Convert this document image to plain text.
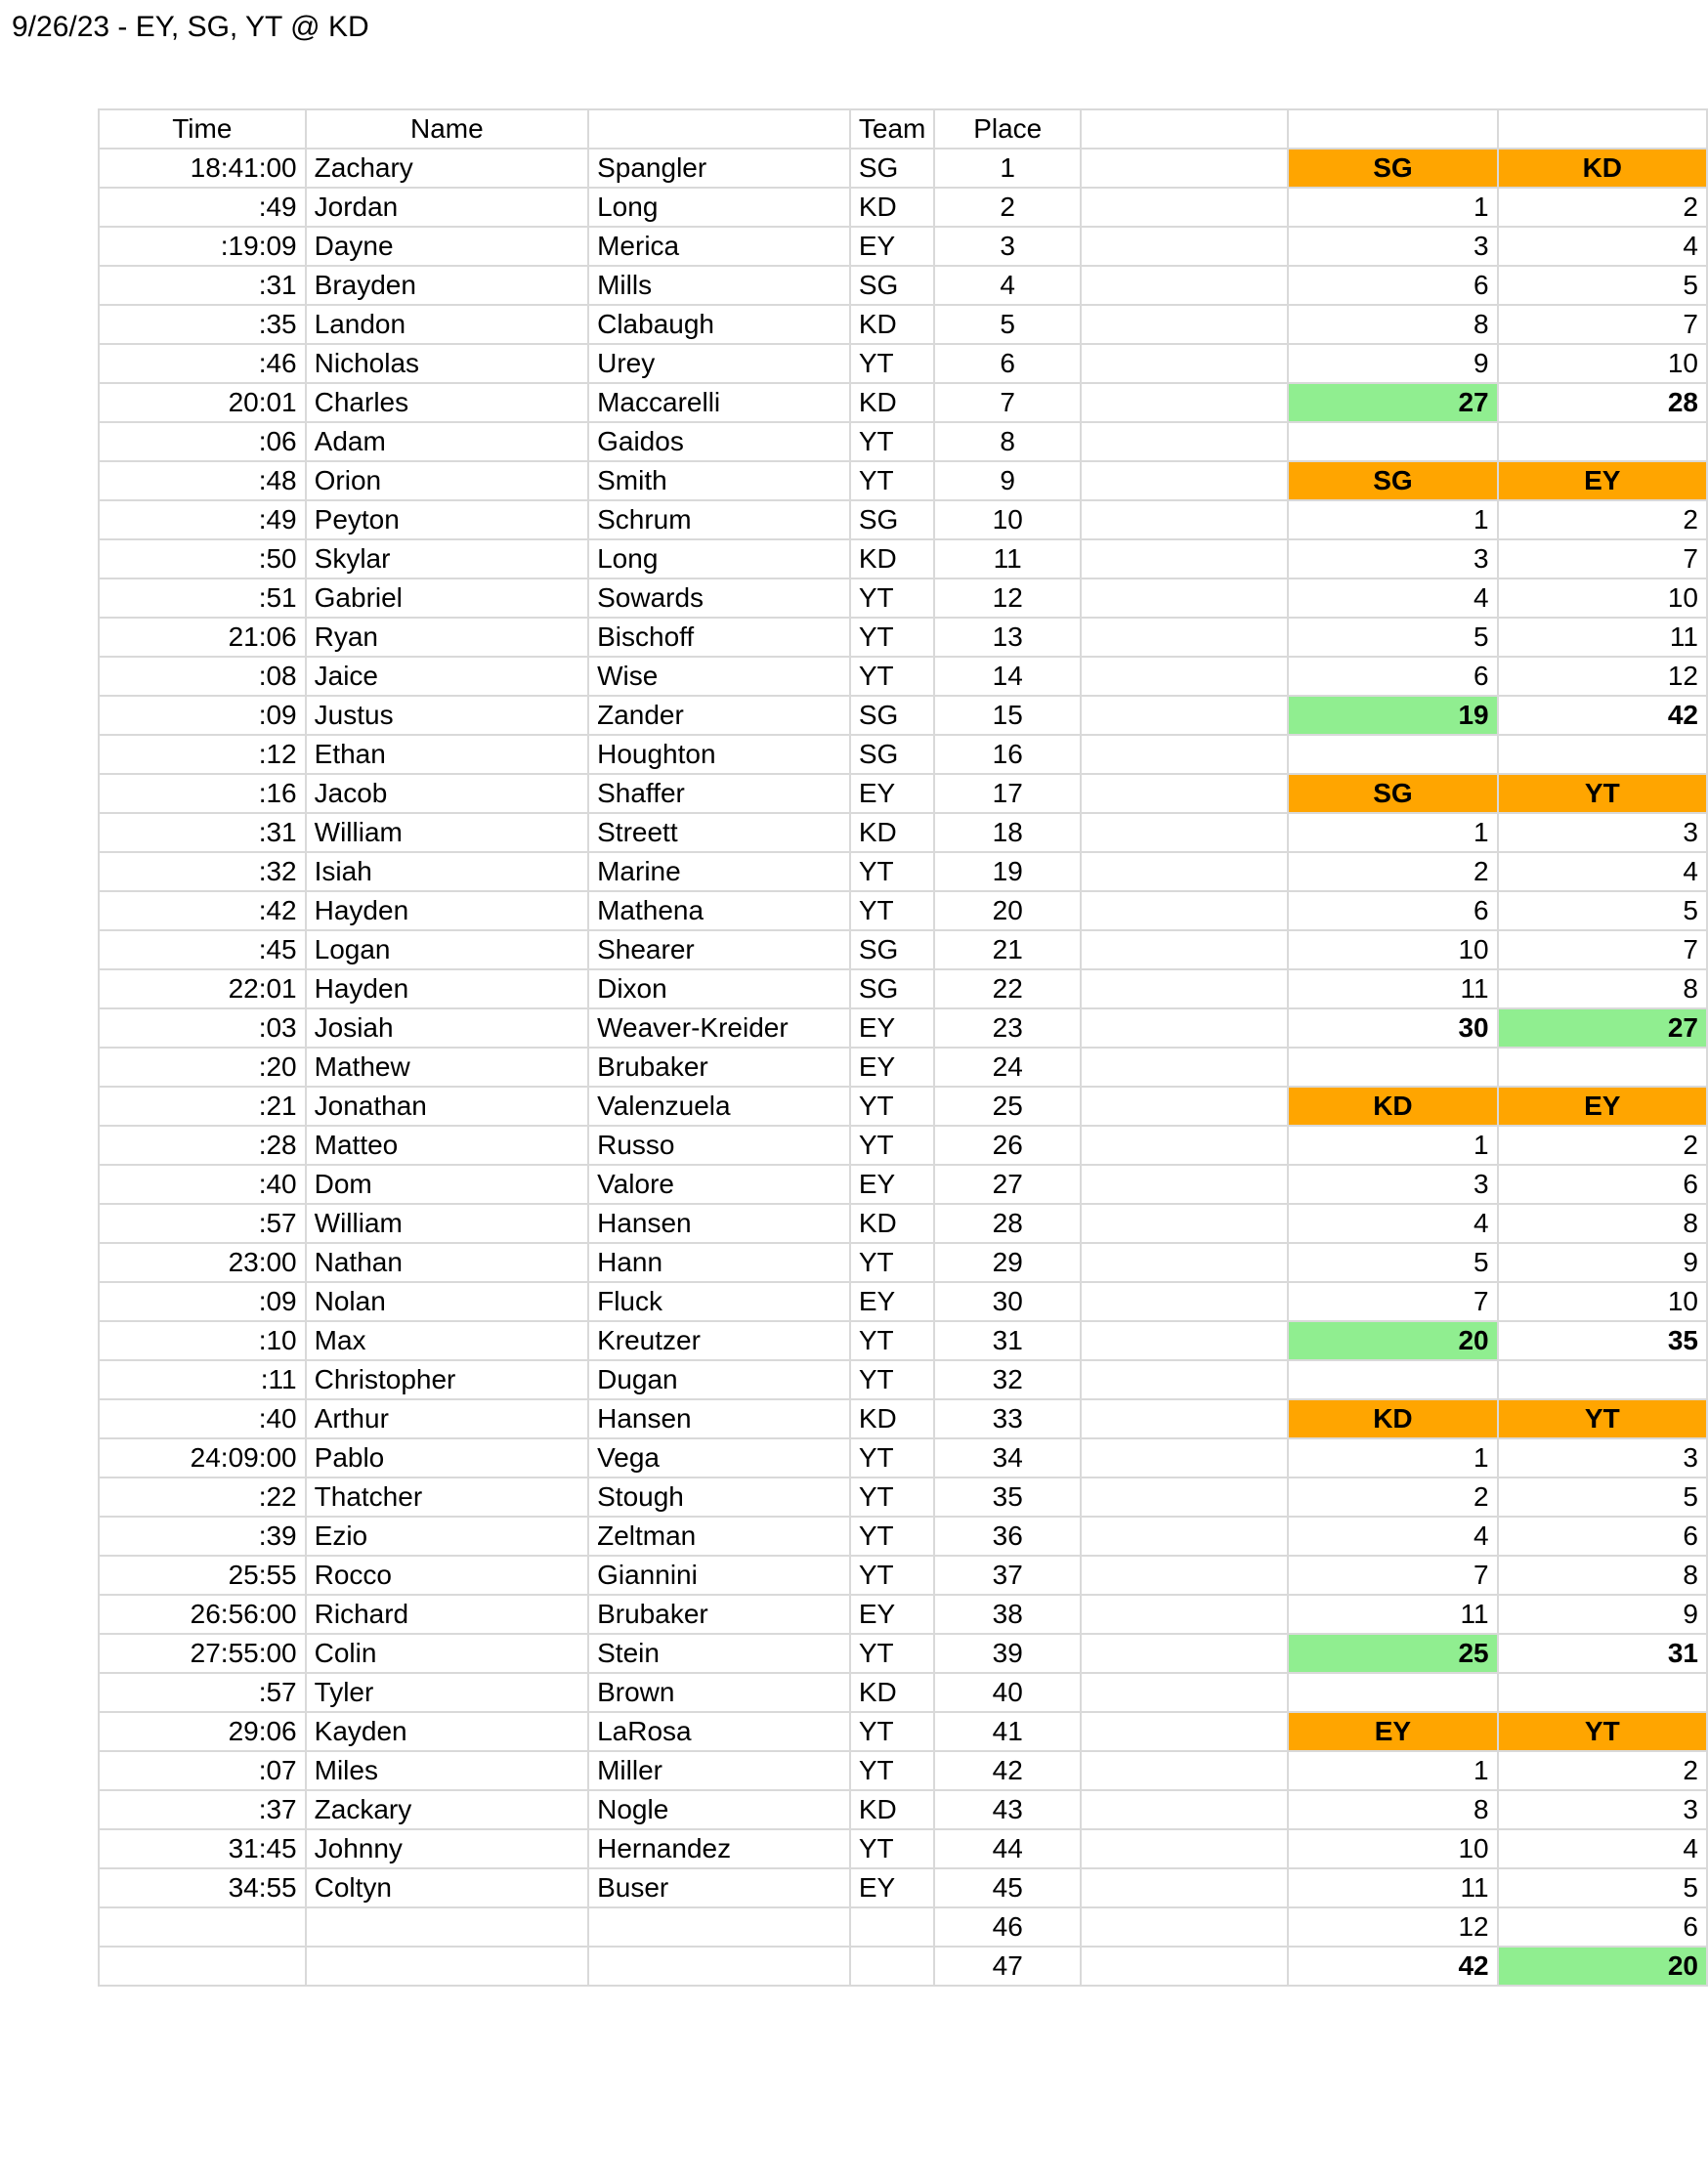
9/26/23 - EY, SG, YT @ KD
Time	Name		Team	Place			
18:41:00	Zachary	Spangler	SG	1		SG	KD
:49	Jordan	Long	KD	2		1	2
:19:09	Dayne	Merica	EY	3		3	4
:31	Brayden	Mills	SG	4		6	5
:35	Landon	Clabaugh	KD	5		8	7
:46	Nicholas	Urey	YT	6		9	10
20:01	Charles	Maccarelli	KD	7		27	28
:06	Adam	Gaidos	YT	8			
:48	Orion	Smith	YT	9		SG	EY
:49	Peyton	Schrum	SG	10		1	2
:50	Skylar	Long	KD	11		3	7
:51	Gabriel	Sowards	YT	12		4	10
21:06	Ryan	Bischoff	YT	13		5	11
:08	Jaice	Wise	YT	14		6	12
:09	Justus	Zander	SG	15		19	42
:12	Ethan	Houghton	SG	16			
:16	Jacob	Shaffer	EY	17		SG	YT
:31	William	Streett	KD	18		1	3
:32	Isiah	Marine	YT	19		2	4
:42	Hayden	Mathena	YT	20		6	5
:45	Logan	Shearer	SG	21		10	7
22:01	Hayden	Dixon	SG	22		11	8
:03	Josiah	Weaver-Kreider	EY	23		30	27
:20	Mathew	Brubaker	EY	24			
:21	Jonathan	Valenzuela	YT	25		KD	EY
:28	Matteo	Russo	YT	26		1	2
:40	Dom	Valore	EY	27		3	6
:57	William	Hansen	KD	28		4	8
23:00	Nathan	Hann	YT	29		5	9
:09	Nolan	Fluck	EY	30		7	10
:10	Max	Kreutzer	YT	31		20	35
:11	Christopher	Dugan	YT	32			
:40	Arthur	Hansen	KD	33		KD	YT
24:09:00	Pablo	Vega	YT	34		1	3
:22	Thatcher	Stough	YT	35		2	5
:39	Ezio	Zeltman	YT	36		4	6
25:55	Rocco	Giannini	YT	37		7	8
26:56:00	Richard	Brubaker	EY	38		11	9
27:55:00	Colin	Stein	YT	39		25	31
:57	Tyler	Brown	KD	40			
29:06	Kayden	LaRosa	YT	41		EY	YT
:07	Miles	Miller	YT	42		1	2
:37	Zackary	Nogle	KD	43		8	3
31:45	Johnny	Hernandez	YT	44		10	4
34:55	Coltyn	Buser	EY	45		11	5
				46		12	6
				47		42	20
